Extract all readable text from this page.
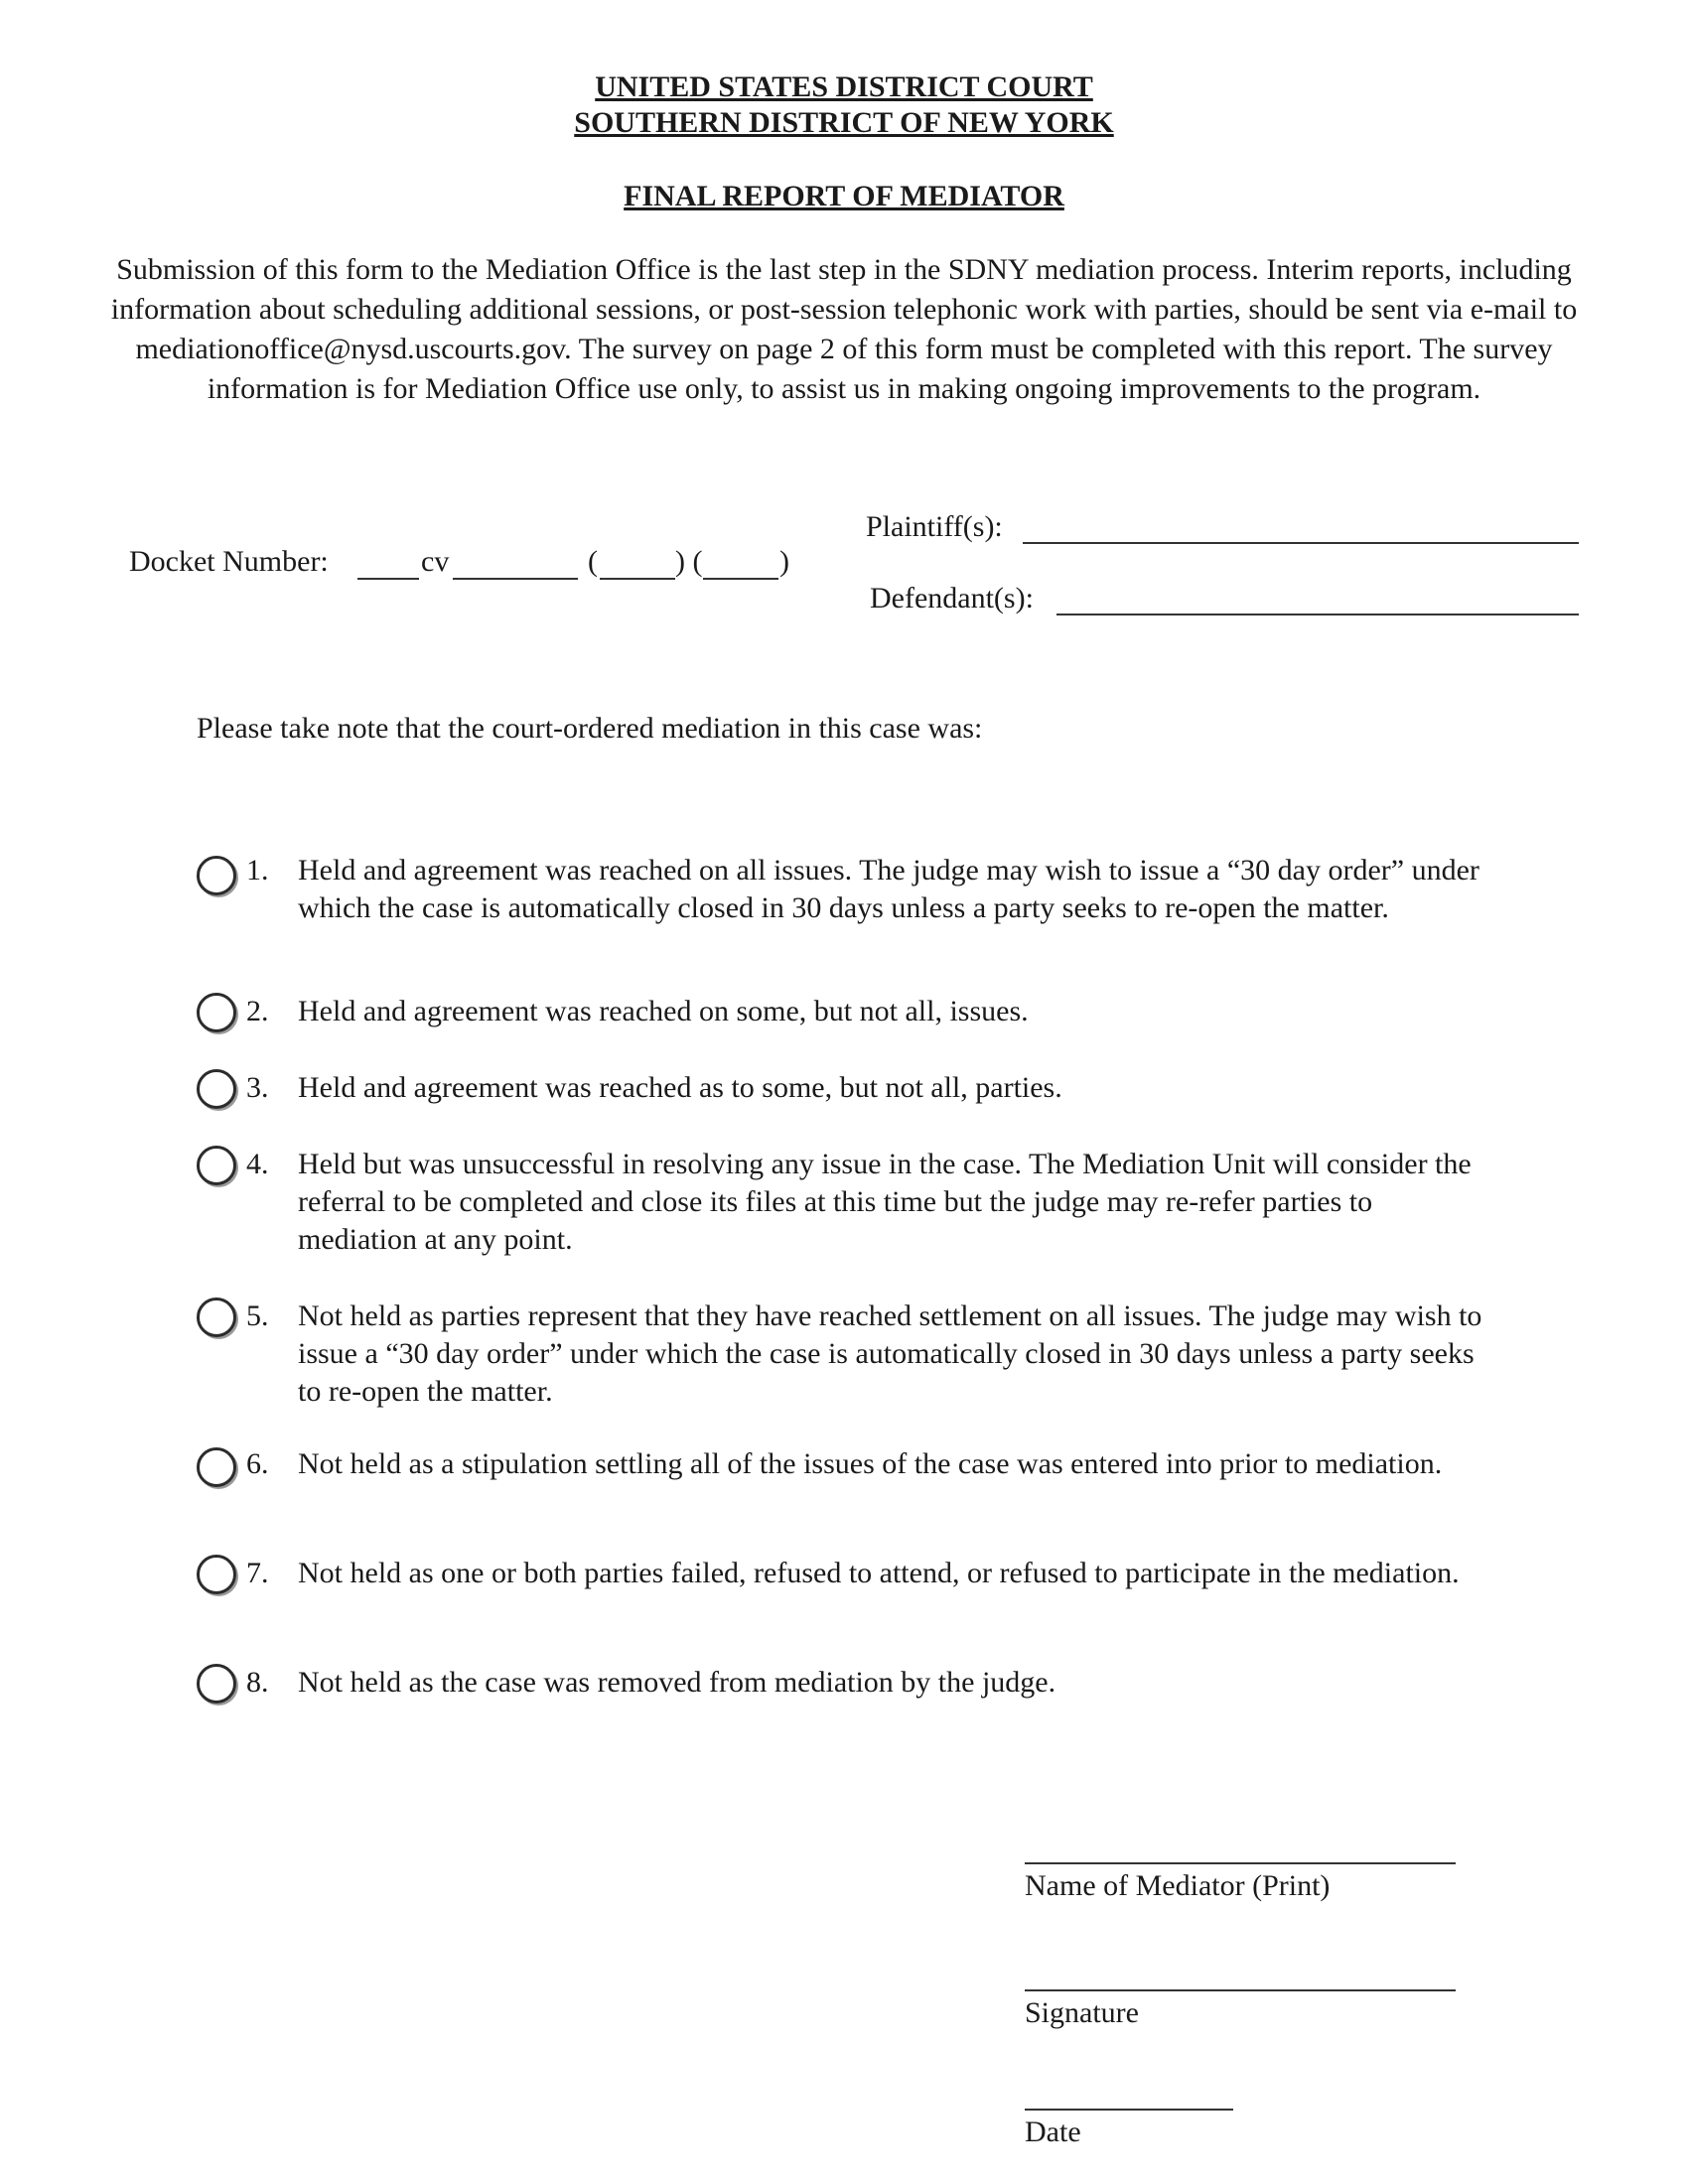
UNITED STATES DISTRICT COURT
SOUTHERN DISTRICT OF NEW YORK
FINAL REPORT OF MEDIATOR
Submission of this form to the Mediation Office is the last step in the SDNY mediation process. Interim reports, including information about scheduling additional sessions, or post-session telephonic work with parties, should be sent via e-mail to mediationoffice@nysd.uscourts.gov. The survey on page 2 of this form must be completed with this report. The survey information is for Mediation Office use only, to assist us in making ongoing improvements to the program.
Plaintiff(s):
Docket Number:	cv	(	) (	)
Defendant(s):
Please take note that the court-ordered mediation in this case was:
1. Held and agreement was reached on all issues. The judge may wish to issue a “30 day order” under which the case is automatically closed in 30 days unless a party seeks to re-open the matter.
2. Held and agreement was reached on some, but not all, issues.
3. Held and agreement was reached as to some, but not all, parties.
4. Held but was unsuccessful in resolving any issue in the case. The Mediation Unit will consider the referral to be completed and close its files at this time but the judge may re-refer parties to mediation at any point.
5. Not held as parties represent that they have reached settlement on all issues. The judge may wish to issue a “30 day order” under which the case is automatically closed in 30 days unless a party seeks to re-open the matter.
6. Not held as a stipulation settling all of the issues of the case was entered into prior to mediation.
7. Not held as one or both parties failed, refused to attend, or refused to participate in the mediation.
8. Not held as the case was removed from mediation by the judge.
Name of Mediator (Print)
Signature
Date
